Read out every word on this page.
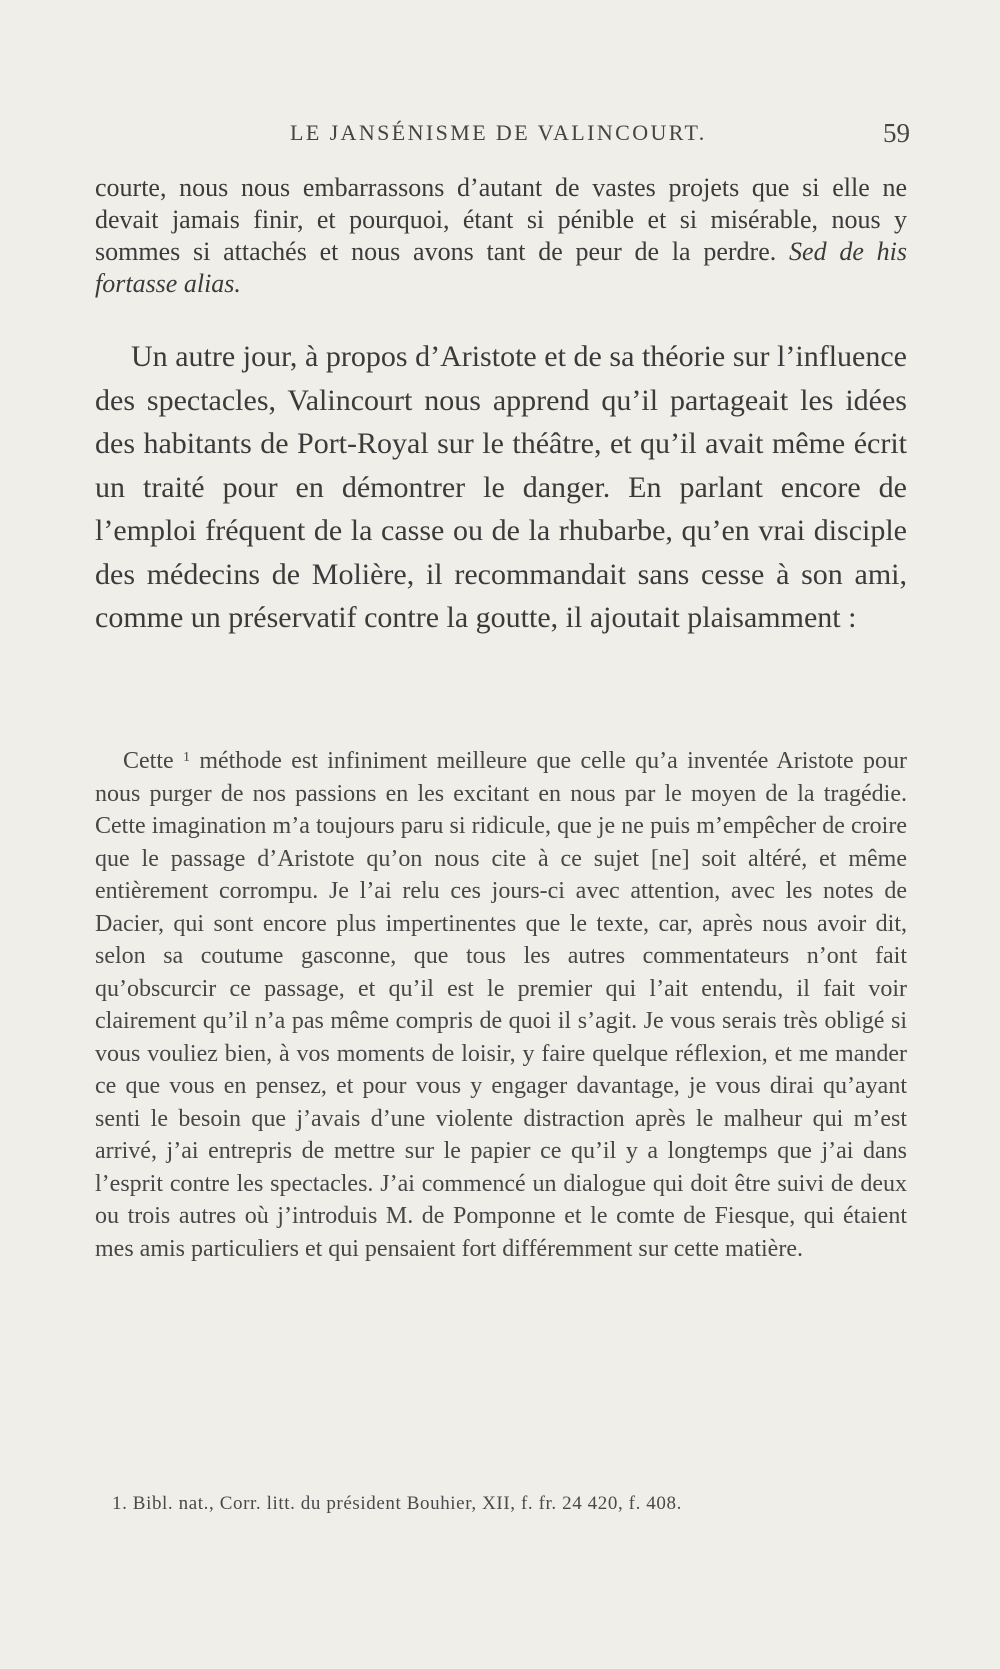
LE JANSÉNISME DE VALINCOURT.	59

courte, nous nous embarrassons d’autant de vastes projets que si elle ne devait jamais finir, et pourquoi, étant si pénible et si misérable, nous y sommes si attachés et nous avons tant de peur de la perdre. Sed de his fortasse alias.

Un autre jour, à propos d’Aristote et de sa théorie sur l’influence des spectacles, Valincourt nous apprend qu’il partageait les idées des habitants de Port-Royal sur le théâtre, et qu’il avait même écrit un traité pour en démontrer le danger. En parlant encore de l’emploi fréquent de la casse ou de la rhubarbe, qu’en vrai disciple des médecins de Molière, il recommandait sans cesse à son ami, comme un préservatif contre la goutte, il ajoutait plaisamment :

Cette $^1$ méthode est infiniment meilleure que celle qu’a inventée Aristote pour nous purger de nos passions en les excitant en nous par le moyen de la tragédie. Cette imagination m’a toujours paru si ridicule, que je ne puis m’empêcher de croire que le passage d’Aristote qu’on nous cite à ce sujet [ne] soit altéré, et même entièrement corrompu. Je l’ai relu ces jours-ci avec attention, avec les notes de Dacier, qui sont encore plus impertinentes que le texte, car, après nous avoir dit, selon sa coutume gasconne, que tous les autres commentateurs n’ont fait qu’obscurcir ce passage, et qu’il est le premier qui l’ait entendu, il fait voir clairement qu’il n’a pas même compris de quoi il s’agit. Je vous serais très obligé si vous vouliez bien, à vos moments de loisir, y faire quelque réflexion, et me mander ce que vous en pensez, et pour vous y engager davantage, je vous dirai qu’ayant senti le besoin que j’avais d’une violente distraction après le malheur qui m’est arrivé, j’ai entrepris de mettre sur le papier ce qu’il y a longtemps que j’ai dans l’esprit contre les spectacles. J’ai commencé un dialogue qui doit être suivi de deux ou trois autres où j’introduis M. de Pomponne et le comte de Fiesque, qui étaient mes amis particuliers et qui pensaient fort différemment sur cette matière.

1. Bibl. nat., Corr. litt. du président Bouhier, XII, f. fr. 24 420, f. 408.
